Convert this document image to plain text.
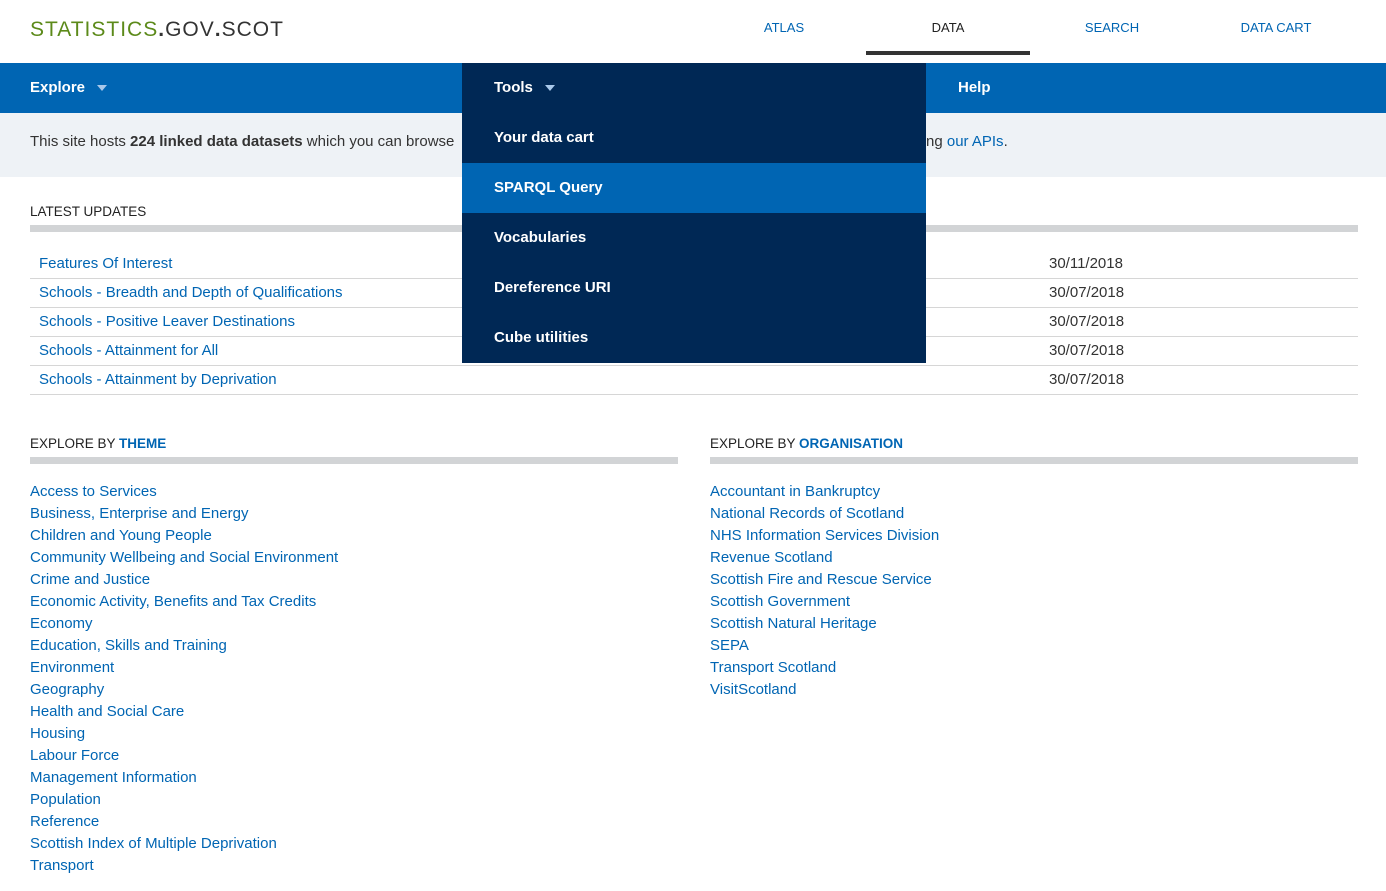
STATISTICS.GOV.SCOT	ATLAS	DATA	SEARCH	DATA CART
Explore	Help
This site hosts 224 linked data datasets which you can browse	ng our APIs.
LATEST UPDATES
Features Of Interest	30/11/2018
Schools - Breadth and Depth of Qualifications	30/07/2018
Schools - Positive Leaver Destinations	30/07/2018
Schools - Attainment for All	30/07/2018
Schools - Attainment by Deprivation	30/07/2018
EXPLORE BY THEME
Access to Services
Business, Enterprise and Energy
Children and Young People
Community Wellbeing and Social Environment
Crime and Justice
Economic Activity, Benefits and Tax Credits
Economy
Education, Skills and Training
Environment
Geography
Health and Social Care
Housing
Labour Force
Management Information
Population
Reference
Scottish Index of Multiple Deprivation
Transport
EXPLORE BY ORGANISATION
Accountant in Bankruptcy
National Records of Scotland
NHS Information Services Division
Revenue Scotland
Scottish Fire and Rescue Service
Scottish Government
Scottish Natural Heritage
SEPA
Transport Scotland
VisitScotland
Tools
Your data cart
SPARQL Query
Vocabularies
Dereference URI
Cube utilities
